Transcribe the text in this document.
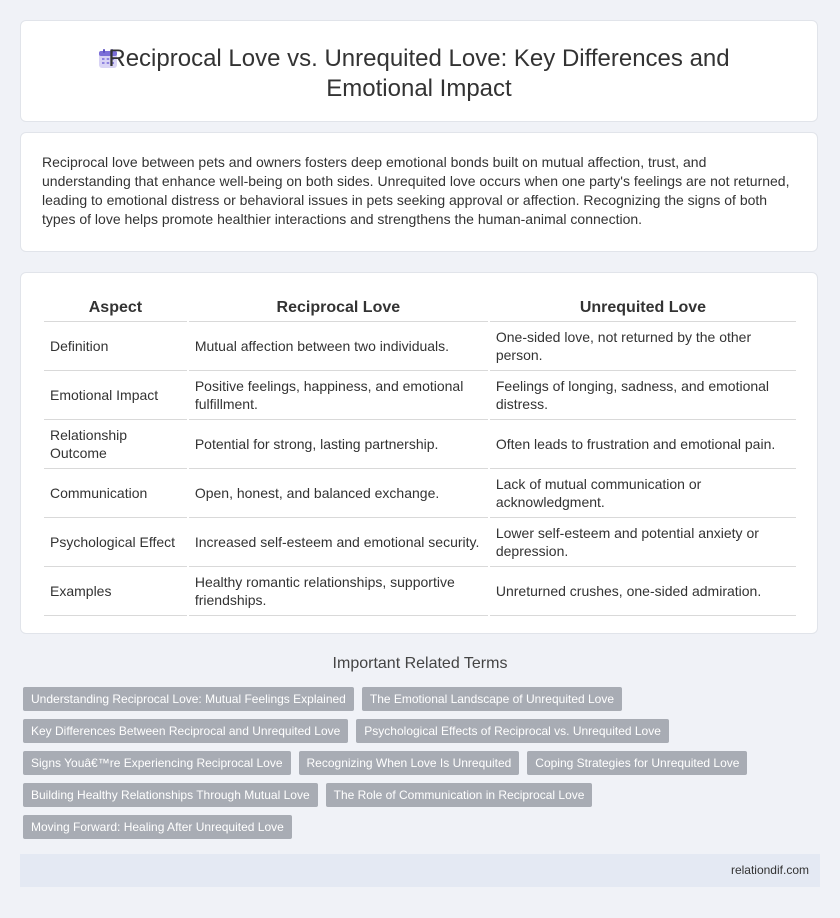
Reciprocal Love vs. Unrequited Love: Key Differences and Emotional Impact

Reciprocal love between pets and owners fosters deep emotional bonds built on mutual affection, trust, and understanding that enhance well-being on both sides. Unrequited love occurs when one party's feelings are not returned, leading to emotional distress or behavioral issues in pets seeking approval or affection. Recognizing the signs of both types of love helps promote healthier interactions and strengthens the human-animal connection.

Aspect	Reciprocal Love	Unrequited Love
Definition	Mutual affection between two individuals.	One-sided love, not returned by the other person.
Emotional Impact	Positive feelings, happiness, and emotional fulfillment.	Feelings of longing, sadness, and emotional distress.
Relationship Outcome	Potential for strong, lasting partnership.	Often leads to frustration and emotional pain.
Communication	Open, honest, and balanced exchange.	Lack of mutual communication or acknowledgment.
Psychological Effect	Increased self-esteem and emotional security.	Lower self-esteem and potential anxiety or depression.
Examples	Healthy romantic relationships, supportive friendships.	Unreturned crushes, one-sided admiration.
Important Related Terms
Understanding Reciprocal Love: Mutual Feelings Explained	The Emotional Landscape of Unrequited Love
Key Differences Between Reciprocal and Unrequited Love	Psychological Effects of Reciprocal vs. Unrequited Love
Signs Youâ€™re Experiencing Reciprocal Love	Recognizing When Love Is Unrequited	Coping Strategies for Unrequited Love
Building Healthy Relationships Through Mutual Love	The Role of Communication in Reciprocal Love
Moving Forward: Healing After Unrequited Love
relationdif.com
